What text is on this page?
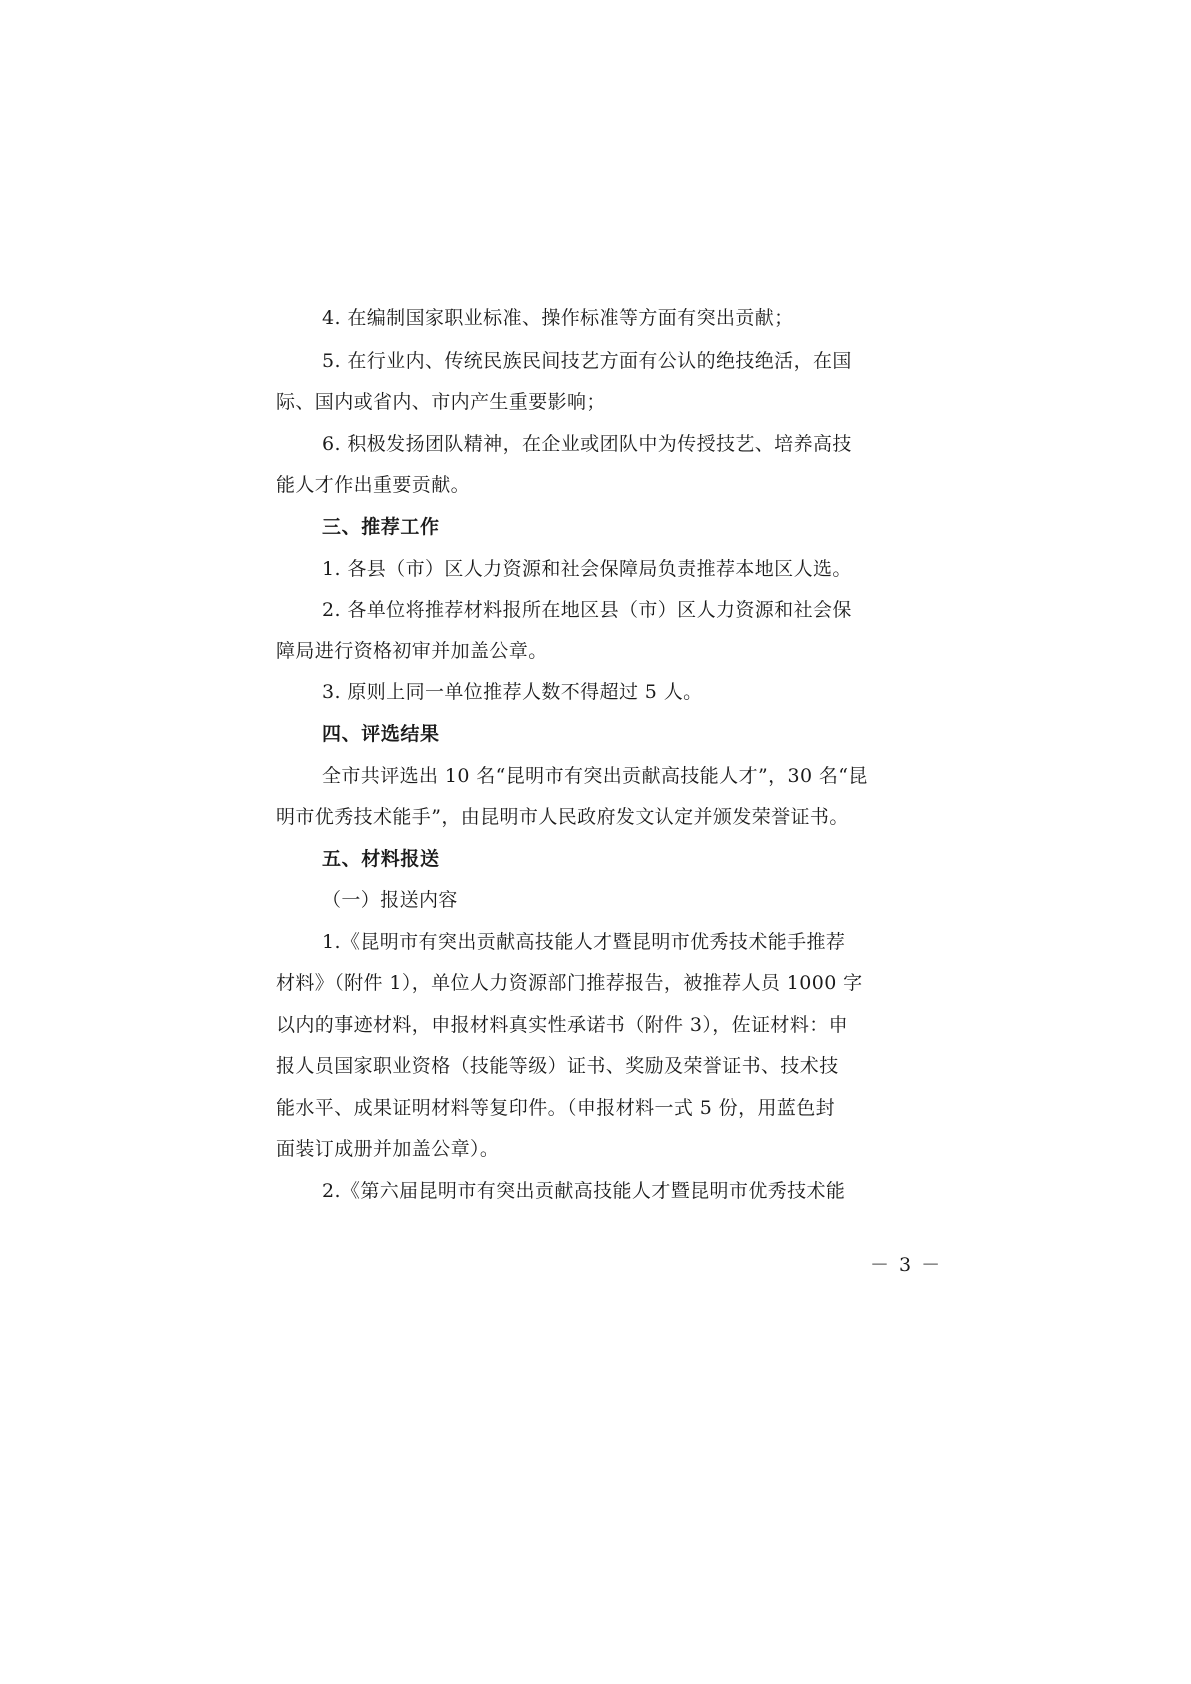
4. 在编制国家职业标准、操作标准等方面有突出贡献；
5. 在行业内、传统民族民间技艺方面有公认的绝技绝活，在国
际、国内或省内、市内产生重要影响；
6. 积极发扬团队精神，在企业或团队中为传授技艺、培养高技
能人才作出重要贡献。
三、推荐工作
1. 各县（市）区人力资源和社会保障局负责推荐本地区人选。
2. 各单位将推荐材料报所在地区县（市）区人力资源和社会保
障局进行资格初审并加盖公章。
3. 原则上同一单位推荐人数不得超过 5 人。
四、评选结果
全市共评选出 10 名“昆明市有突出贡献高技能人才”，30 名“昆
明市优秀技术能手”，由昆明市人民政府发文认定并颁发荣誉证书。
五、材料报送
（一）报送内容
1.《昆明市有突出贡献高技能人才暨昆明市优秀技术能手推荐
材料》（附件 1），单位人力资源部门推荐报告，被推荐人员 1000 字
以内的事迹材料，申报材料真实性承诺书（附件 3），佐证材料：申
报人员国家职业资格（技能等级）证书、奖励及荣誉证书、技术技
能水平、成果证明材料等复印件。（申报材料一式 5 份，用蓝色封
面装订成册并加盖公章）。
2.《第六届昆明市有突出贡献高技能人才暨昆明市优秀技术能
－ 3 －
